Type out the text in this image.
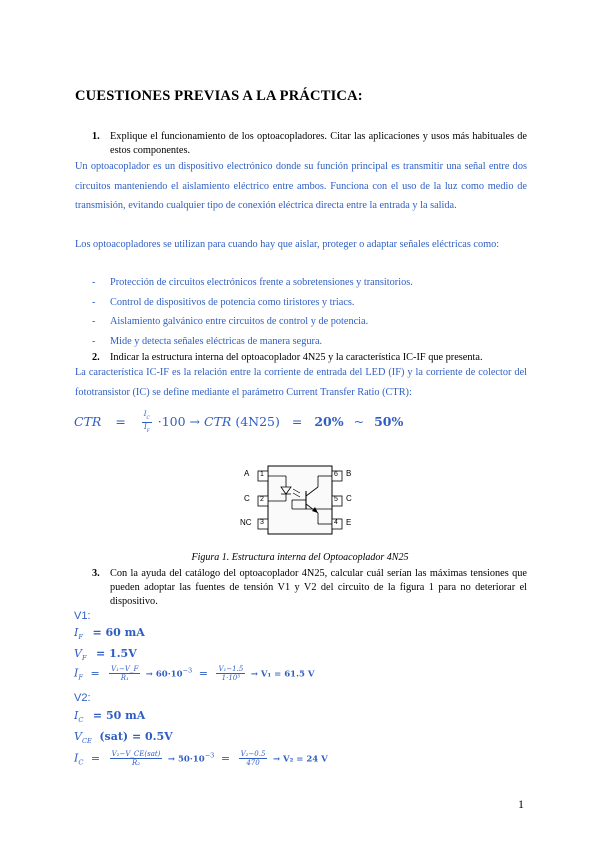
CUESTIONES PREVIAS A LA PRÁCTICA:
1. Explique el funcionamiento de los optoacopladores. Citar las aplicaciones y usos más habituales de estos componentes.
Un optoacoplador es un dispositivo electrónico donde su función principal es transmitir una señal entre dos circuitos manteniendo el aislamiento eléctrico entre ambos. Funciona con el uso de la luz como medio de transmisión, evitando cualquier tipo de conexión eléctrica directa entre la entrada y la salida.
Los optoacopladores se utilizan para cuando hay que aislar, proteger o adaptar señales eléctricas como:
- Protección de circuitos electrónicos frente a sobretensiones y transitorios.
- Control de dispositivos de potencia como tiristores y triacs.
- Aislamiento galvánico entre circuitos de control y de potencia.
- Mide y detecta señales eléctricas de manera segura.
2. Indicar la estructura interna del optoacoplador 4N25 y la característica IC-IF que presenta.
La característica IC-IF es la relación entre la corriente de entrada del LED (IF) y la corriente de colector del fototransistor (IC) se define mediante el parámetro Current Transfer Ratio (CTR):
CTR = $\frac{I_C}{I_F} \cdot 100$ → CTR (4N25) = 20% ~ 50%
A
C
NC
1
2
3
6
5
4
B
C
E
Figura 1. Estructura interna del Optoacoplador 4N25
3. Con la ayuda del catálogo del optoacoplador 4N25, calcular cuál serían las máximas tensiones que pueden adoptar las fuentes de tensión V1 y V2 del circuito de la figura 1 para no deteriorar el dispositivo.
V1:
$I_F = 60$ mA
$V_F = 1.5V$
$I_F = \frac{\text{V₁−V\_F}}{\text{R₁}} \to 60\cdot 10^{-3} = \frac{\text{V₁−1.5}}{\text{1·10³}} \to V_1 = 61.5$ V
V2:
$I_C = 50$ mA
$V_{CE}$ (sat) = 0.5V
$I_C$ = V₂−V_CE(sat)
R₂	→ $50\cdot 10^{-3} = \frac{\text{V₂−0.5}}{470} \to V_2 = 24$ V
1
